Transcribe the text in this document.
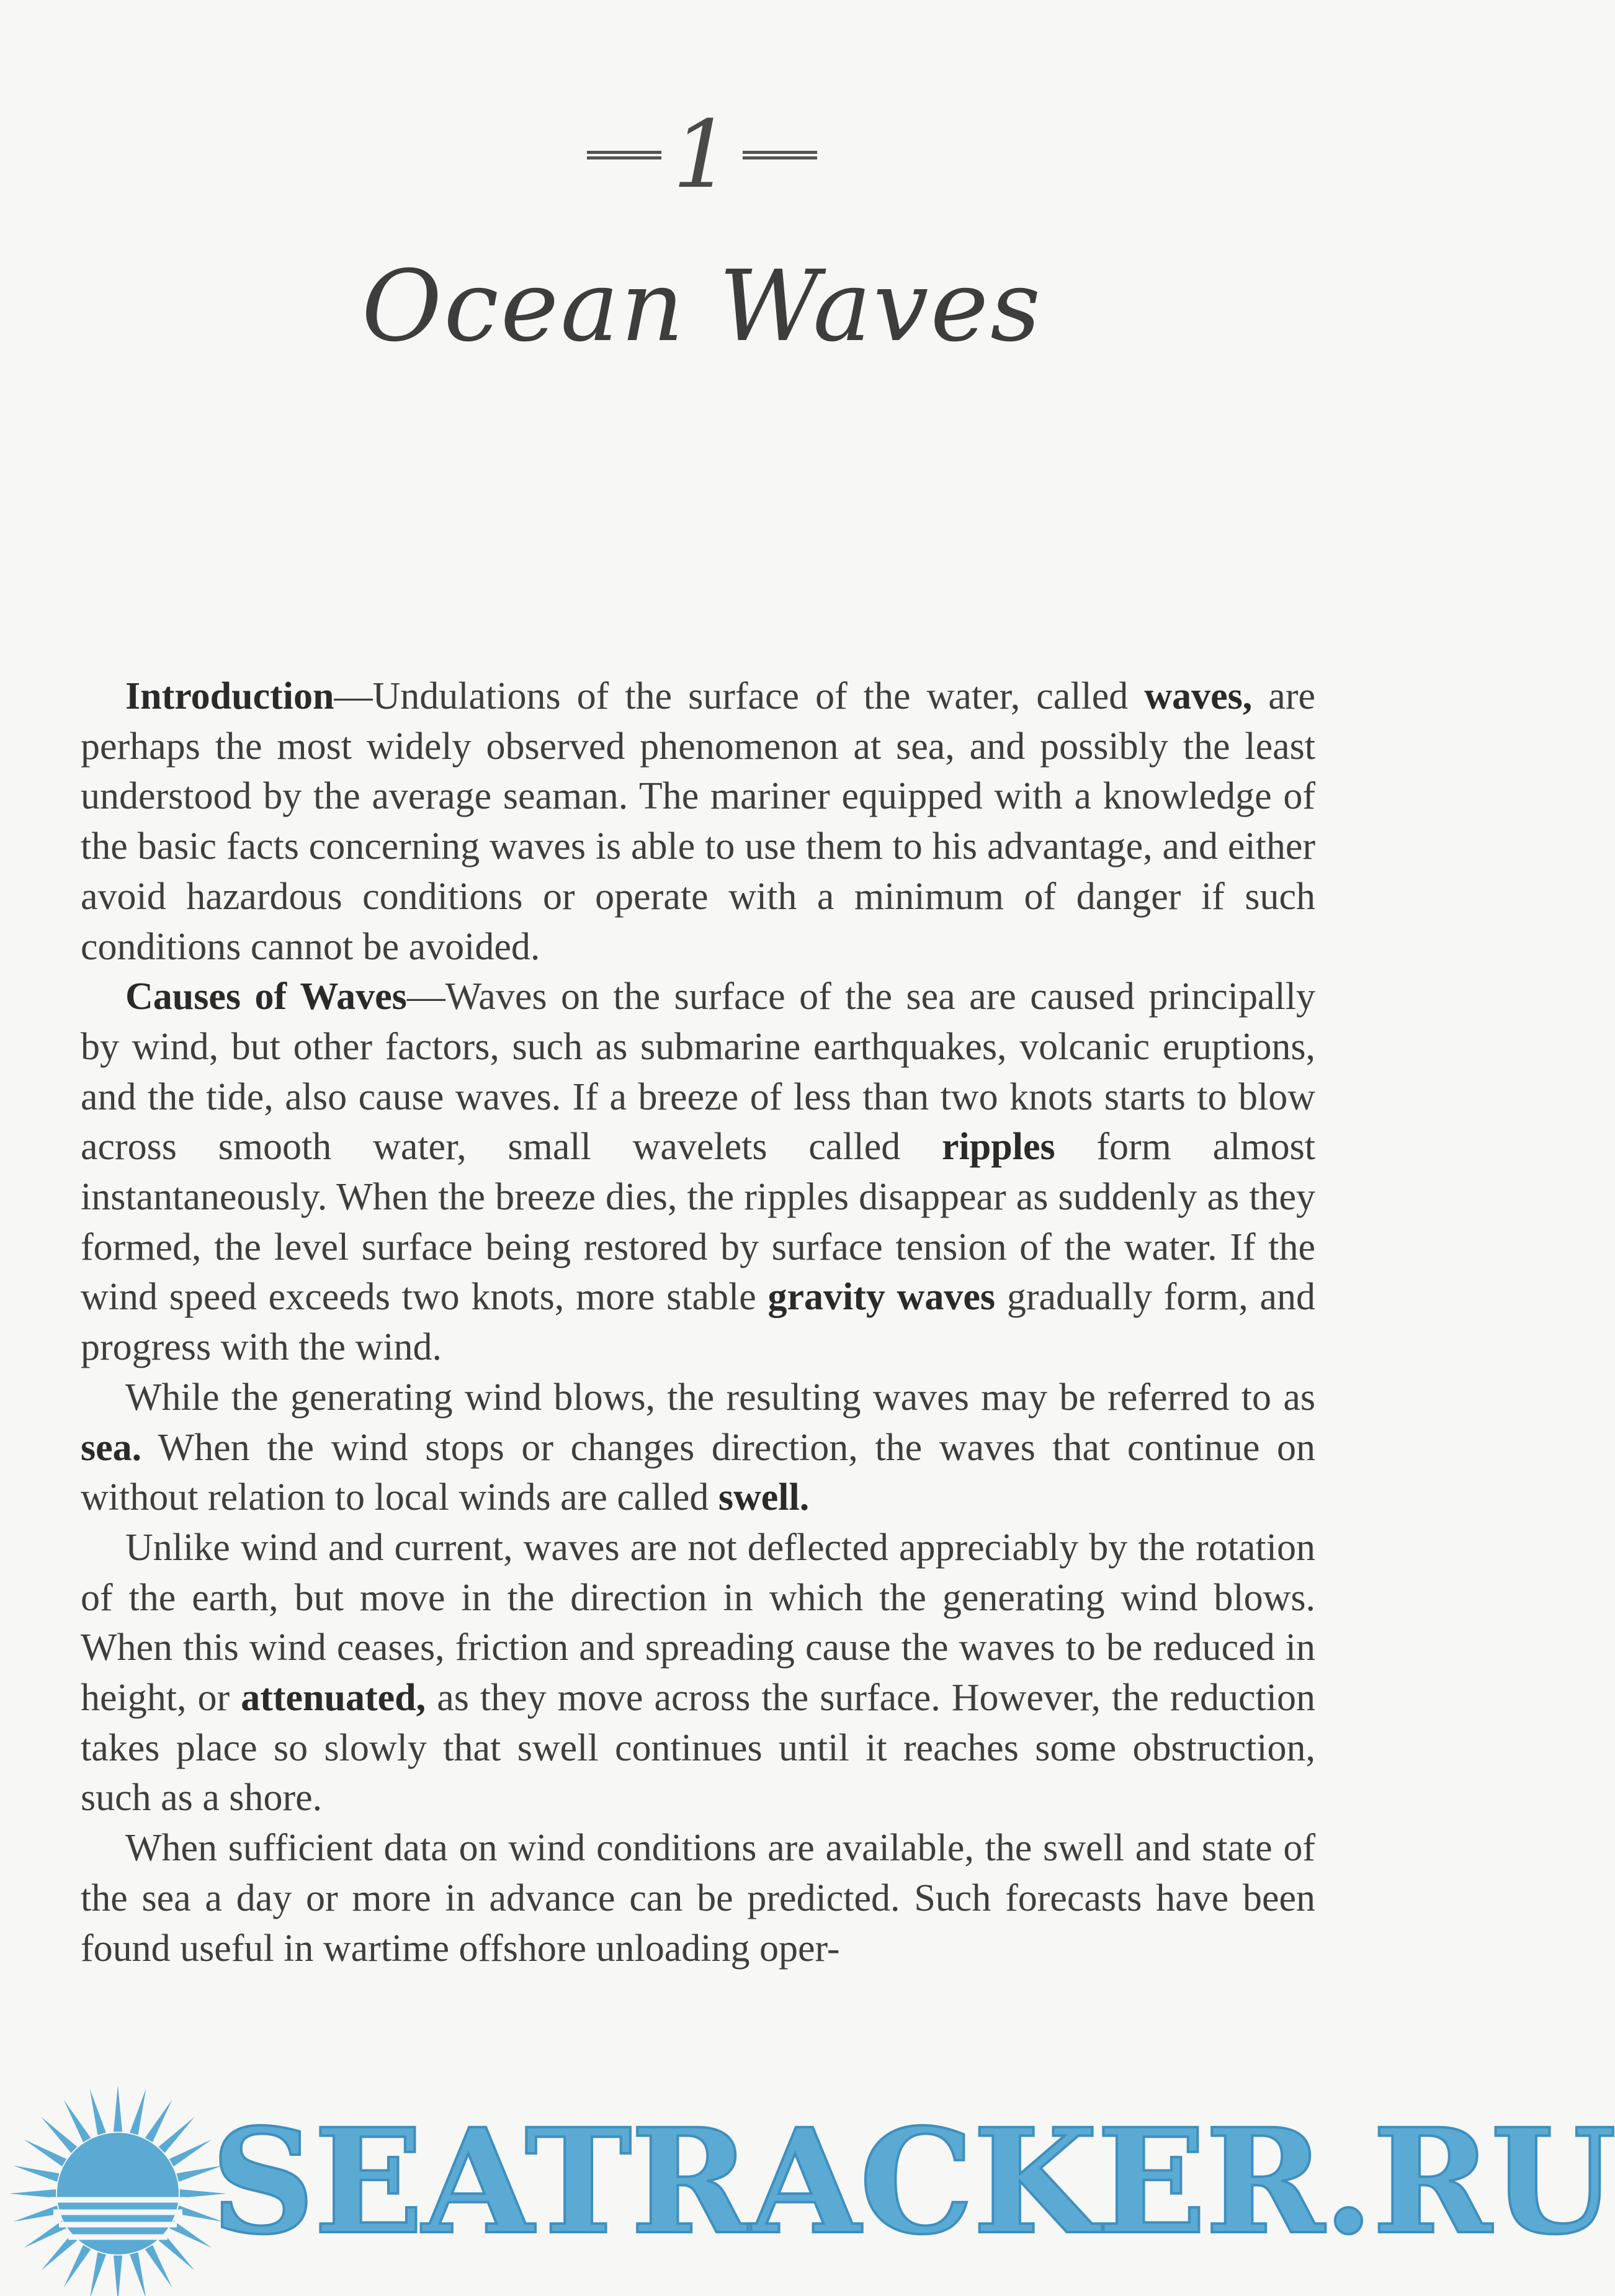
1
Ocean Waves

Introduction—Undulations of the surface of the water, called waves, are perhaps the most widely observed phenomenon at sea, and possibly the least understood by the average seaman. The mariner equipped with a knowledge of the basic facts concerning waves is able to use them to his advantage, and either avoid hazardous conditions or operate with a minimum of danger if such conditions cannot be avoided.

Causes of Waves—Waves on the surface of the sea are caused principally by wind, but other factors, such as submarine earthquakes, volcanic eruptions, and the tide, also cause waves. If a breeze of less than two knots starts to blow across smooth water, small wavelets called ripples form almost instantaneously. When the breeze dies, the ripples disappear as suddenly as they formed, the level surface being restored by surface tension of the water. If the wind speed exceeds two knots, more stable gravity waves gradually form, and progress with the wind.

While the generating wind blows, the resulting waves may be referred to as sea. When the wind stops or changes direction, the waves that continue on without relation to local winds are called swell.

Unlike wind and current, waves are not deflected appreciably by the rotation of the earth, but move in the direction in which the generating wind blows. When this wind ceases, friction and spreading cause the waves to be reduced in height, or attenuated, as they move across the surface. However, the reduction takes place so slowly that swell continues until it reaches some obstruction, such as a shore.

When sufficient data on wind conditions are available, the swell and state of the sea a day or more in advance can be predicted. Such forecasts have been found useful in wartime offshore unloading oper-

SEATRACKER.RU
